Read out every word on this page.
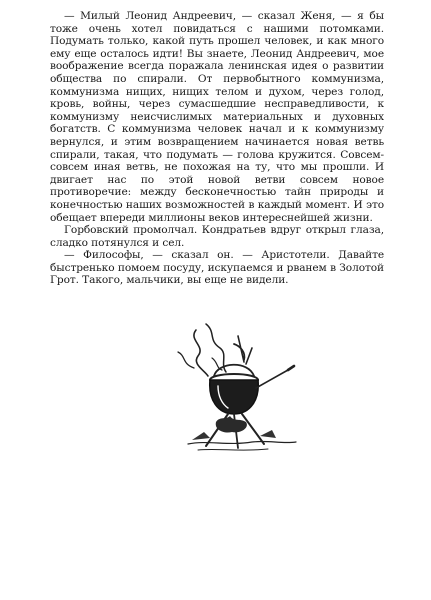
— Милый Леонид Андреевич, — сказал Женя, — я бы тоже очень хотел повидаться с нашими потомками. Подумать только, какой путь прошел человек, и как много ему еще осталось идти! Вы знаете, Леонид Андреевич, мое воображение всегда поражала ленинская идея о развитии общества по спирали. От первобытного коммунизма, коммунизма нищих, нищих телом и духом, через голод, кровь, войны, через сумасшедшие несправедливости, к коммунизму неисчислимых материальных и духовных богатств. С коммунизма человек начал и к коммунизму вернулся, и этим возвращением начинается новая ветвь спирали, такая, что подумать — голова кружится. Совсем-совсем иная ветвь, не похожая на ту, что мы прошли. И двигает нас по этой новой ветви совсем новое противоречие: между бесконечностью тайн природы и конечностью наших возможностей в каждый момент. И это обещает впереди миллионы веков интереснейшей жизни.

Горбовский промолчал. Кондратьев вдруг открыл глаза, сладко потянулся и сел.

— Философы, — сказал он. — Аристотели. Давайте быстренько помоем посуду, искупаемся и рванем в Золотой Грот. Такого, мальчики, вы еще не видели.
